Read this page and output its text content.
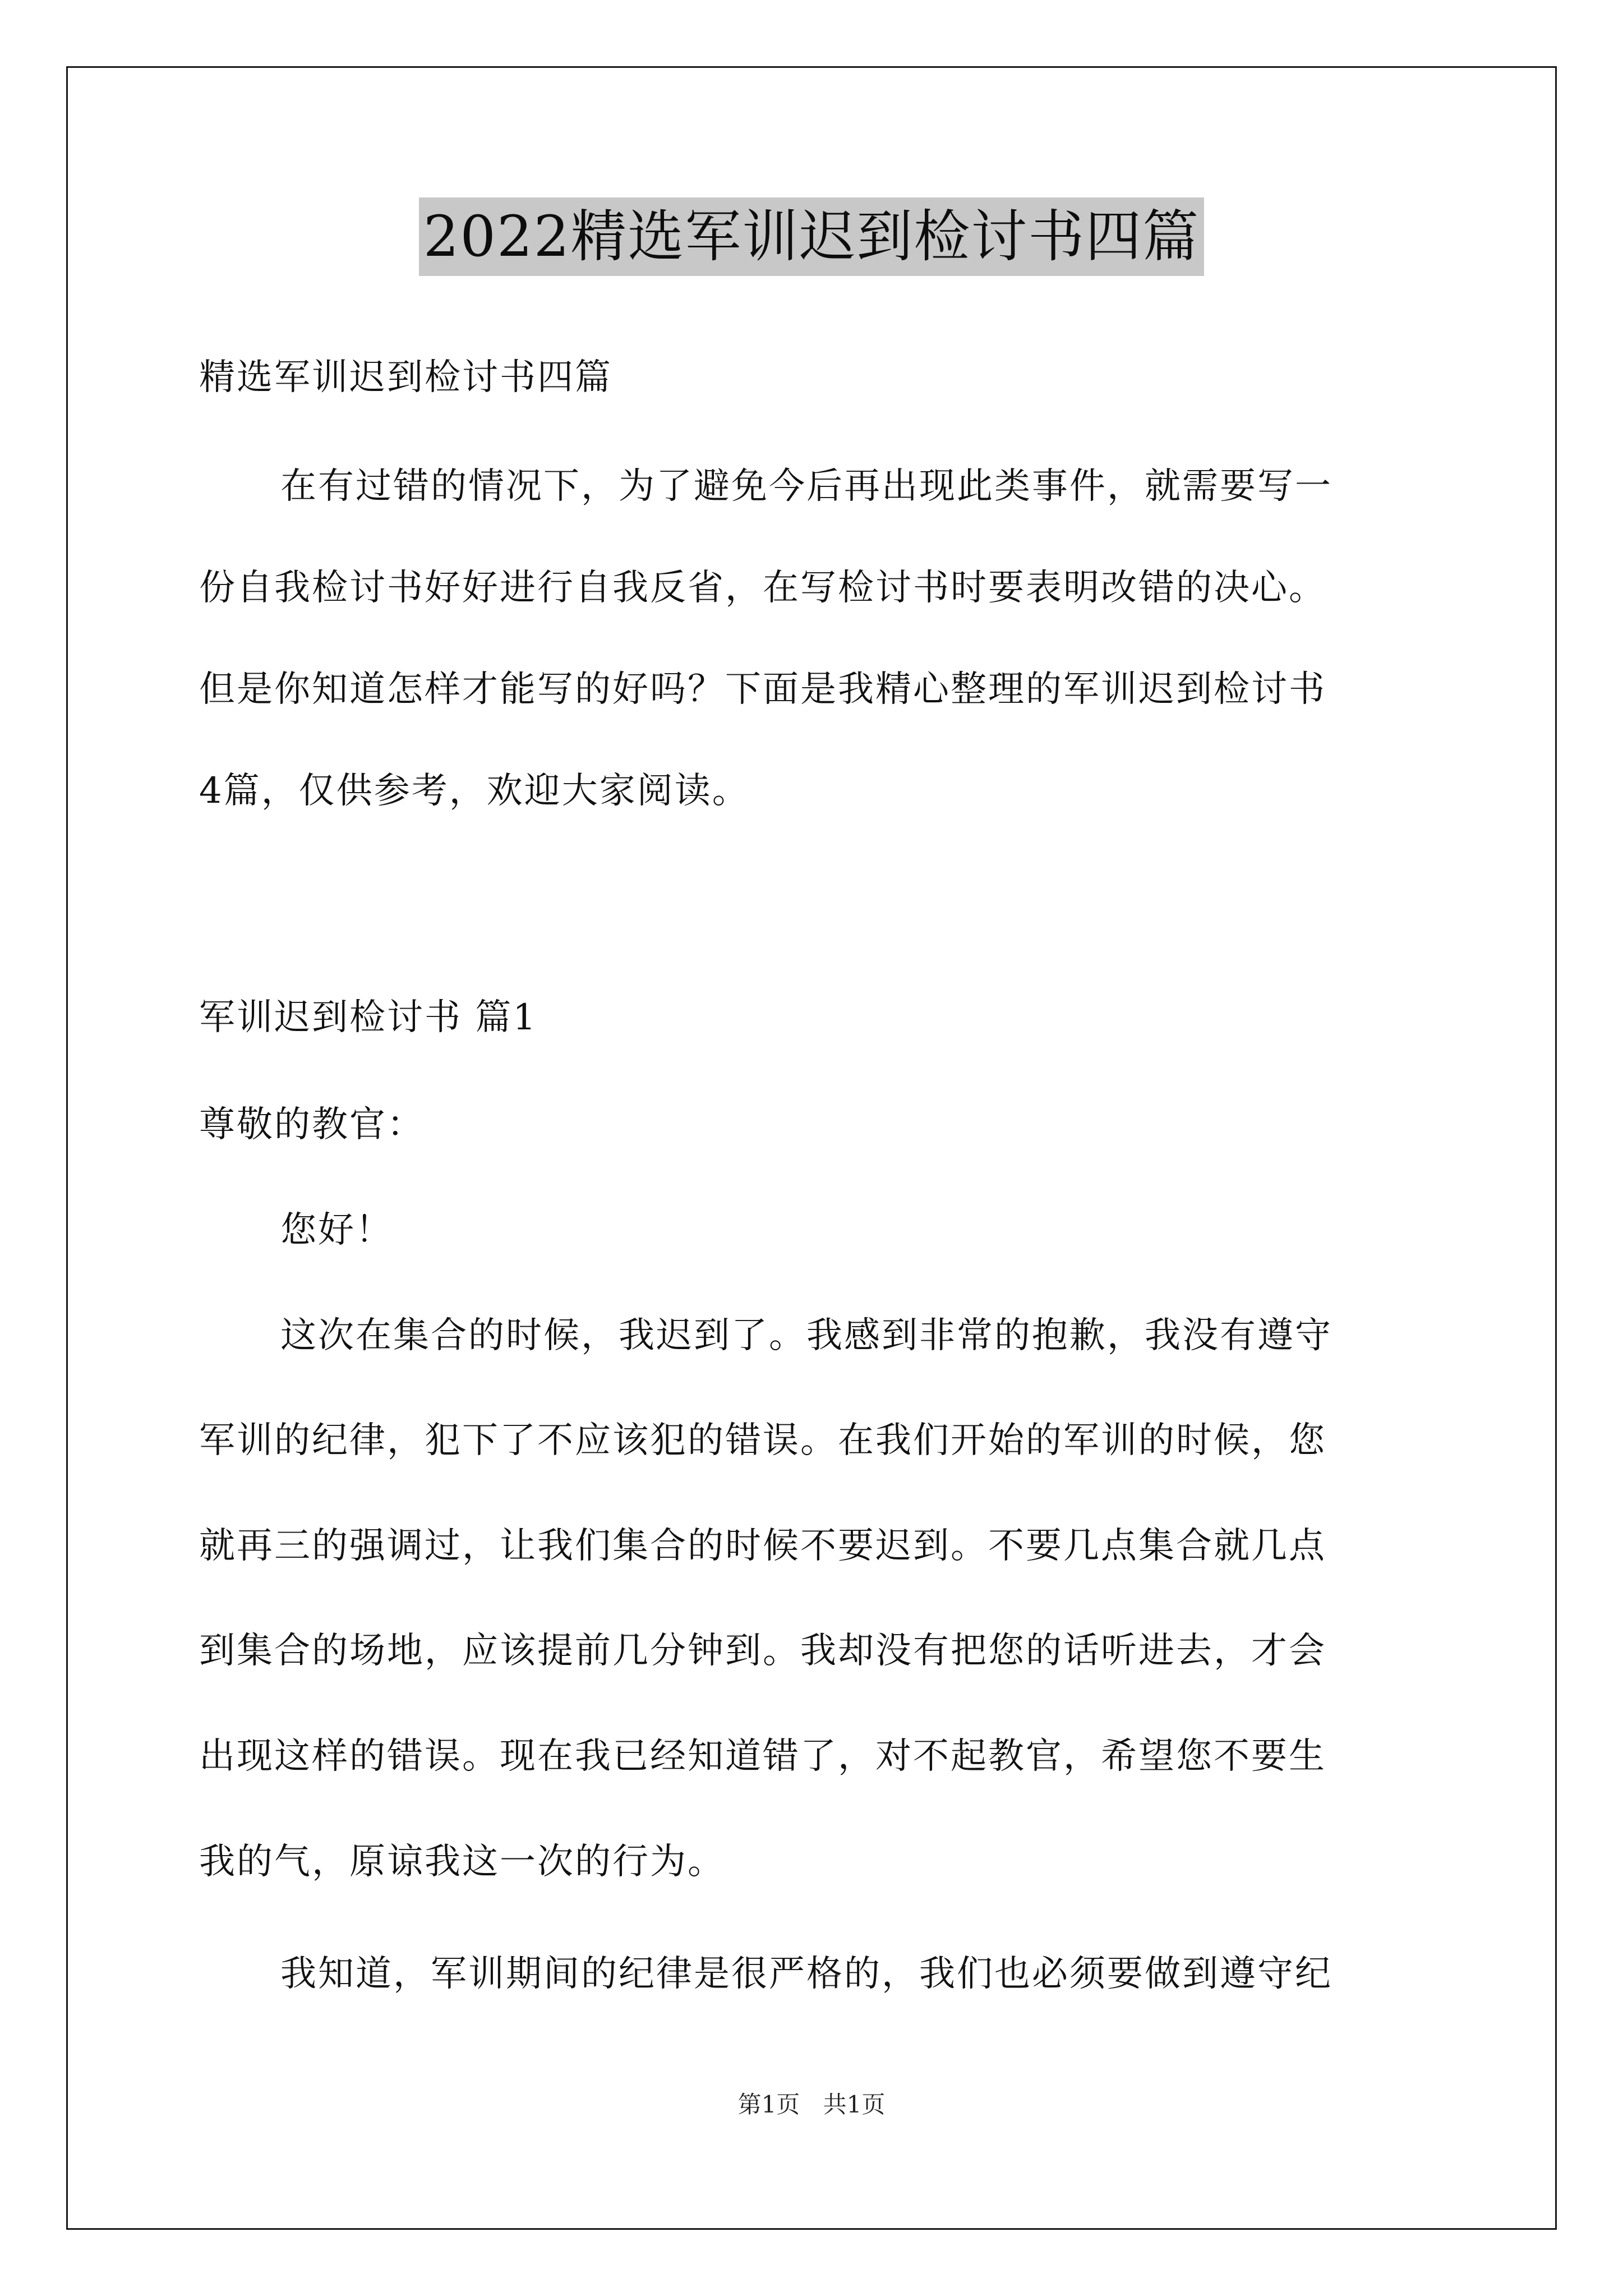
2022精选军训迟到检讨书四篇
精选军训迟到检讨书四篇
在有过错的情况下，为了避免今后再出现此类事件，就需要写一
份自我检讨书好好进行自我反省，在写检讨书时要表明改错的决心。
但是你知道怎样才能写的好吗？下面是我精心整理的军训迟到检讨书
4篇，仅供参考，欢迎大家阅读。
军训迟到检讨书 篇1
尊敬的教官：
您好！
这次在集合的时候，我迟到了。我感到非常的抱歉，我没有遵守
军训的纪律，犯下了不应该犯的错误。在我们开始的军训的时候，您
就再三的强调过，让我们集合的时候不要迟到。不要几点集合就几点
到集合的场地，应该提前几分钟到。我却没有把您的话听进去，才会
出现这样的错误。现在我已经知道错了，对不起教官，希望您不要生
我的气，原谅我这一次的行为。
我知道，军训期间的纪律是很严格的，我们也必须要做到遵守纪
第1页 共1页
